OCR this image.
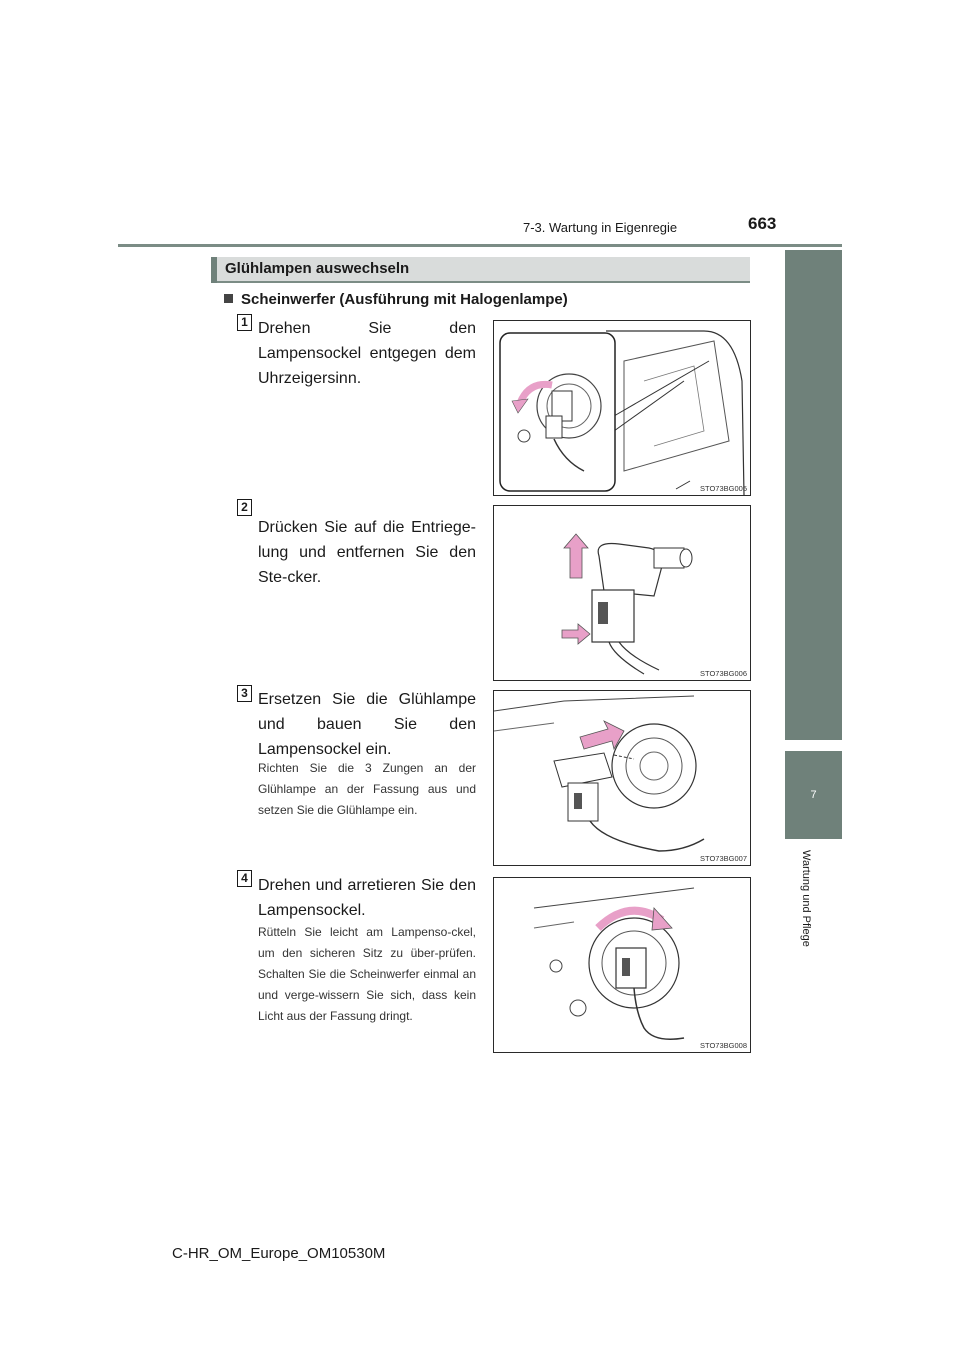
7-3. Wartung in Eigenregie	663
7
Wartung und Pflege
Glühlampen auswechseln
Scheinwerfer (Ausführung mit Halogenlampe)
1 Drehen Sie den Lampensockel entgegen dem Uhrzeigersinn.
STO73BG005
2
Drücken Sie auf die Entriege-lung und entfernen Sie den Ste-cker.
STO73BG006
3 Ersetzen Sie die Glühlampe und bauen Sie den Lampensockel ein.
Richten Sie die 3 Zungen an der Glühlampe an der Fassung aus und setzen Sie die Glühlampe ein.
STO73BG007
4 Drehen und arretieren Sie den Lampensockel.
Rütteln Sie leicht am Lampenso-ckel, um den sicheren Sitz zu über-prüfen. Schalten Sie die Scheinwerfer einmal an und verge-wissern Sie sich, dass kein Licht aus der Fassung dringt.
STO73BG008
C-HR_OM_Europe_OM10530M
